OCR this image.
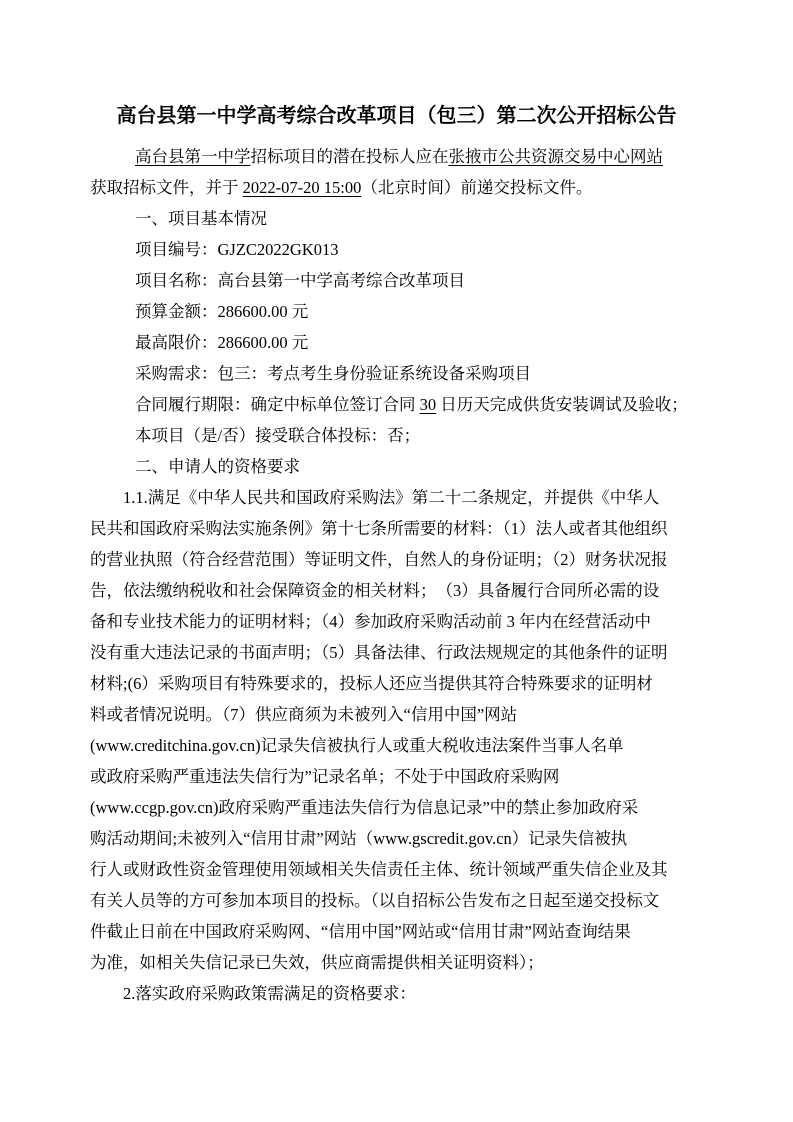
高台县第一中学高考综合改革项目（包三）第二次公开招标公告
高台县第一中学招标项目的潜在投标人应在张掖市公共资源交易中心网站
获取招标文件，并于 2022-07-20 15:00（北京时间）前递交投标文件。
一、项目基本情况
项目编号：GJZC2022GK013
项目名称：高台县第一中学高考综合改革项目
预算金额：286600.00 元
最高限价：286600.00 元
采购需求：包三：考点考生身份验证系统设备采购项目
合同履行期限：确定中标单位签订合同 30 日历天完成供货安装调试及验收；
本项目（是/否）接受联合体投标：否；
二、申请人的资格要求
1.1.满足《中华人民共和国政府采购法》第二十二条规定，并提供《中华人
民共和国政府采购法实施条例》第十七条所需要的材料：（1）法人或者其他组织
的营业执照（符合经营范围）等证明文件，自然人的身份证明；（2）财务状况报
告，依法缴纳税收和社会保障资金的相关材料；　（3）具备履行合同所必需的设
备和专业技术能力的证明材料；（4）参加政府采购活动前 3 年内在经营活动中
没有重大违法记录的书面声明；（5）具备法律、行政法规规定的其他条件的证明
材料;(6）采购项目有特殊要求的，投标人还应当提供其符合特殊要求的证明材
料或者情况说明。（7）供应商须为未被列入“信用中国”网站
(www.creditchina.gov.cn)记录失信被执行人或重大税收违法案件当事人名单
或政府采购严重违法失信行为”记录名单；不处于中国政府采购网
(www.ccgp.gov.cn)政府采购严重违法失信行为信息记录”中的禁止参加政府采
购活动期间;未被列入“信用甘肃”网站（www.gscredit.gov.cn）记录失信被执
行人或财政性资金管理使用领域相关失信责任主体、统计领域严重失信企业及其
有关人员等的方可参加本项目的投标。（以自招标公告发布之日起至递交投标文
件截止日前在中国政府采购网、“信用中国”网站或“信用甘肃”网站查询结果
为准，如相关失信记录已失效，供应商需提供相关证明资料）；
2.落实政府采购政策需满足的资格要求：
